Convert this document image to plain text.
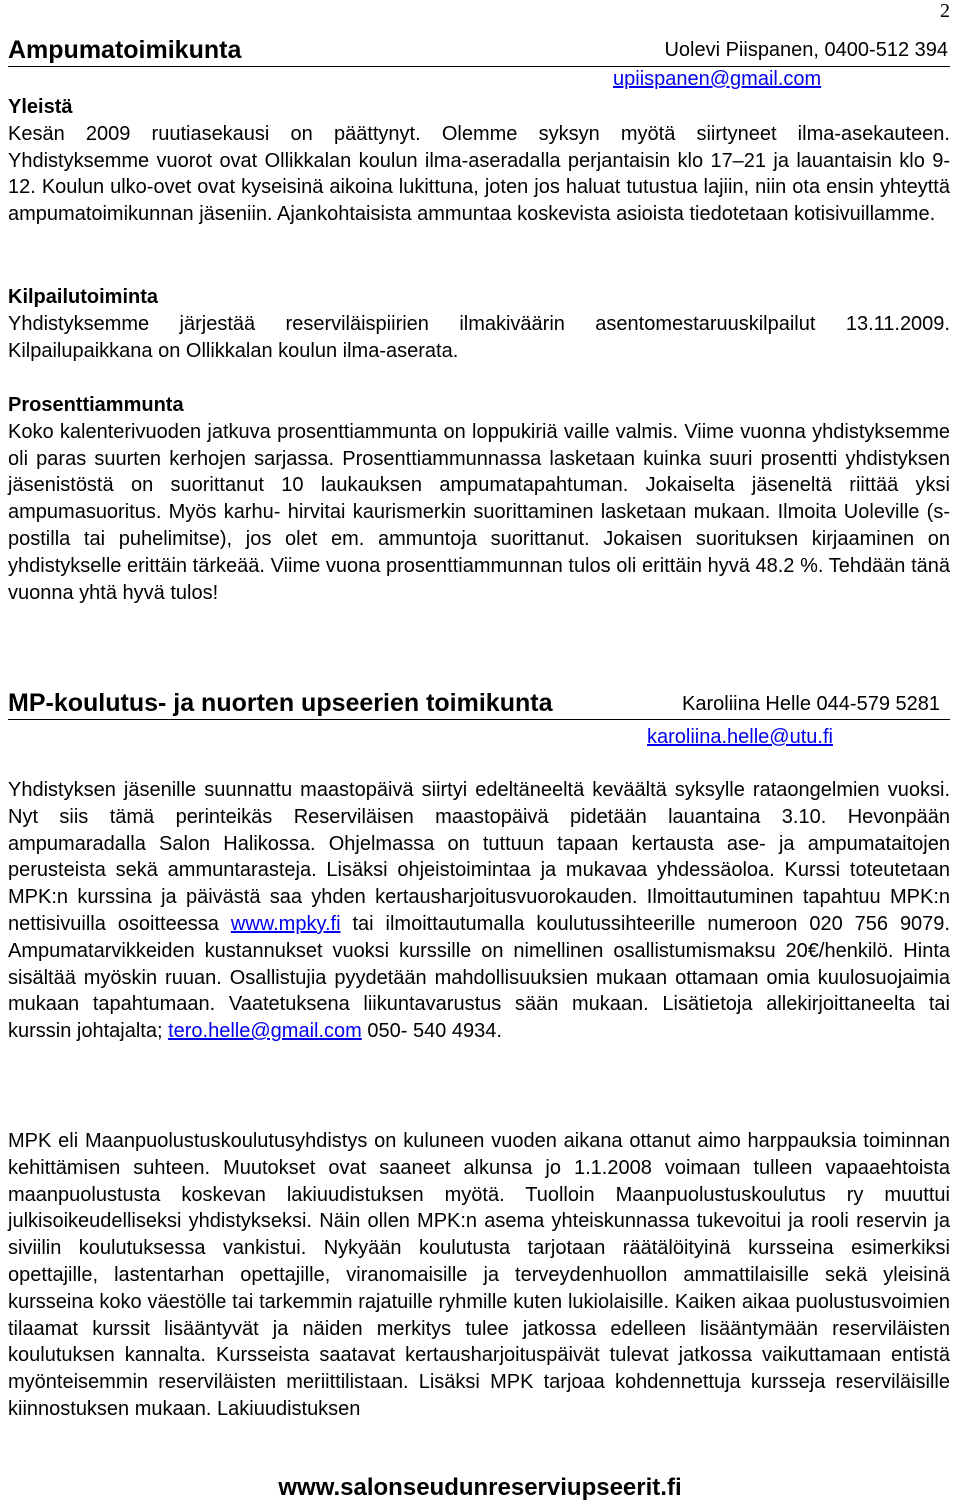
2
Ampumatoimikunta	Uolevi Piispanen, 0400-512 394
upiispanen@gmail.com
Yleistä

Kesän 2009 ruutiasekausi on päättynyt. Olemme syksyn myötä siirtyneet ilma-asekauteen. Yhdistyksemme vuorot ovat Ollikkalan koulun ilma-aseradalla perjantaisin klo 17–21 ja lauantaisin klo 9-12. Koulun ulko-ovet ovat kyseisinä aikoina lukittuna, joten jos haluat tutustua lajiin, niin ota ensin yhteyttä ampumatoimikunnan jäseniin. Ajankohtaisista ammuntaa koskevista asioista tiedotetaan kotisivuillamme.

Kilpailutoiminta

Yhdistyksemme järjestää reserviläispiirien ilmakiväärin asentomestaruuskilpailut 13.11.2009. Kilpailupaikkana on Ollikkalan koulun ilma-aserata.

Prosenttiammunta

Koko kalenterivuoden jatkuva prosenttiammunta on loppukiriä vaille valmis. Viime vuonna yhdistyksemme oli paras suurten kerhojen sarjassa. Prosenttiammunnassa lasketaan kuinka suuri prosentti yhdistyksen jäsenistöstä on suorittanut 10 laukauksen ampumatapahtuman. Jokaiselta jäseneltä riittää yksi ampumasuoritus. Myös karhu- hirvitai kaurismerkin suorittaminen lasketaan mukaan. Ilmoita Uoleville (s-postilla tai puhelimitse), jos olet em. ammuntoja suorittanut. Jokaisen suorituksen kirjaaminen on yhdistykselle erittäin tärkeää. Viime vuona prosenttiammunnan tulos oli erittäin hyvä 48.2 %. Tehdään tänä vuonna yhtä hyvä tulos!

MP-koulutus- ja nuorten upseerien toimikunta	Karoliina Helle 044-579 5281
karoliina.helle@utu.fi

Yhdistyksen jäsenille suunnattu maastopäivä siirtyi edeltäneeltä keväältä syksylle rataongelmien vuoksi. Nyt siis tämä perinteikäs Reserviläisen maastopäivä pidetään lauantaina 3.10. Hevonpään ampumaradalla Salon Halikossa. Ohjelmassa on tuttuun tapaan kertausta ase- ja ampumataitojen perusteista sekä ammuntarasteja. Lisäksi ohjeistoimintaa ja mukavaa yhdessäoloa. Kurssi toteutetaan MPK:n kurssina ja päivästä saa yhden kertausharjoitusvuorokauden. Ilmoittautuminen tapahtuu MPK:n nettisivuilla osoitteessa www.mpky.fi tai ilmoittautumalla koulutussihteerille numeroon 020 756 9079. Ampumatarvikkeiden kustannukset vuoksi kurssille on nimellinen osallistumismaksu 20€/henkilö. Hinta sisältää myöskin ruuan. Osallistujia pyydetään mahdollisuuksien mukaan ottamaan omia kuulosuojaimia mukaan tapahtumaan. Vaatetuksena liikuntavarustus sään mukaan. Lisätietoja allekirjoittaneelta tai kurssin johtajalta; tero.helle@gmail.com 050- 540 4934.

MPK eli Maanpuolustuskoulutusyhdistys on kuluneen vuoden aikana ottanut aimo harppauksia toiminnan kehittämisen suhteen. Muutokset ovat saaneet alkunsa jo 1.1.2008 voimaan tulleen vapaaehtoista maanpuolustusta koskevan lakiuudistuksen myötä. Tuolloin Maanpuolustuskoulutus ry muuttui julkisoikeudelliseksi yhdistykseksi. Näin ollen MPK:n asema yhteiskunnassa tukevoitui ja rooli reservin ja siviilin koulutuksessa vankistui. Nykyään koulutusta tarjotaan räätälöityinä kursseina esimerkiksi opettajille, lastentarhan opettajille, viranomaisille ja terveydenhuollon ammattilaisille sekä yleisinä kursseina koko väestölle tai tarkemmin rajatuille ryhmille kuten lukiolaisille. Kaiken aikaa puolustusvoimien tilaamat kurssit lisääntyvät ja näiden merkitys tulee jatkossa edelleen lisääntymään reserviläisten koulutuksen kannalta. Kursseista saatavat kertausharjoituspäivät tulevat jatkossa vaikuttamaan entistä myönteisemmin reserviläisten meriittilistaan. Lisäksi MPK tarjoaa kohdennettuja kursseja reserviläisille kiinnostuksen mukaan. Lakiuudistuksen

www.salonseudunreserviupseerit.fi
